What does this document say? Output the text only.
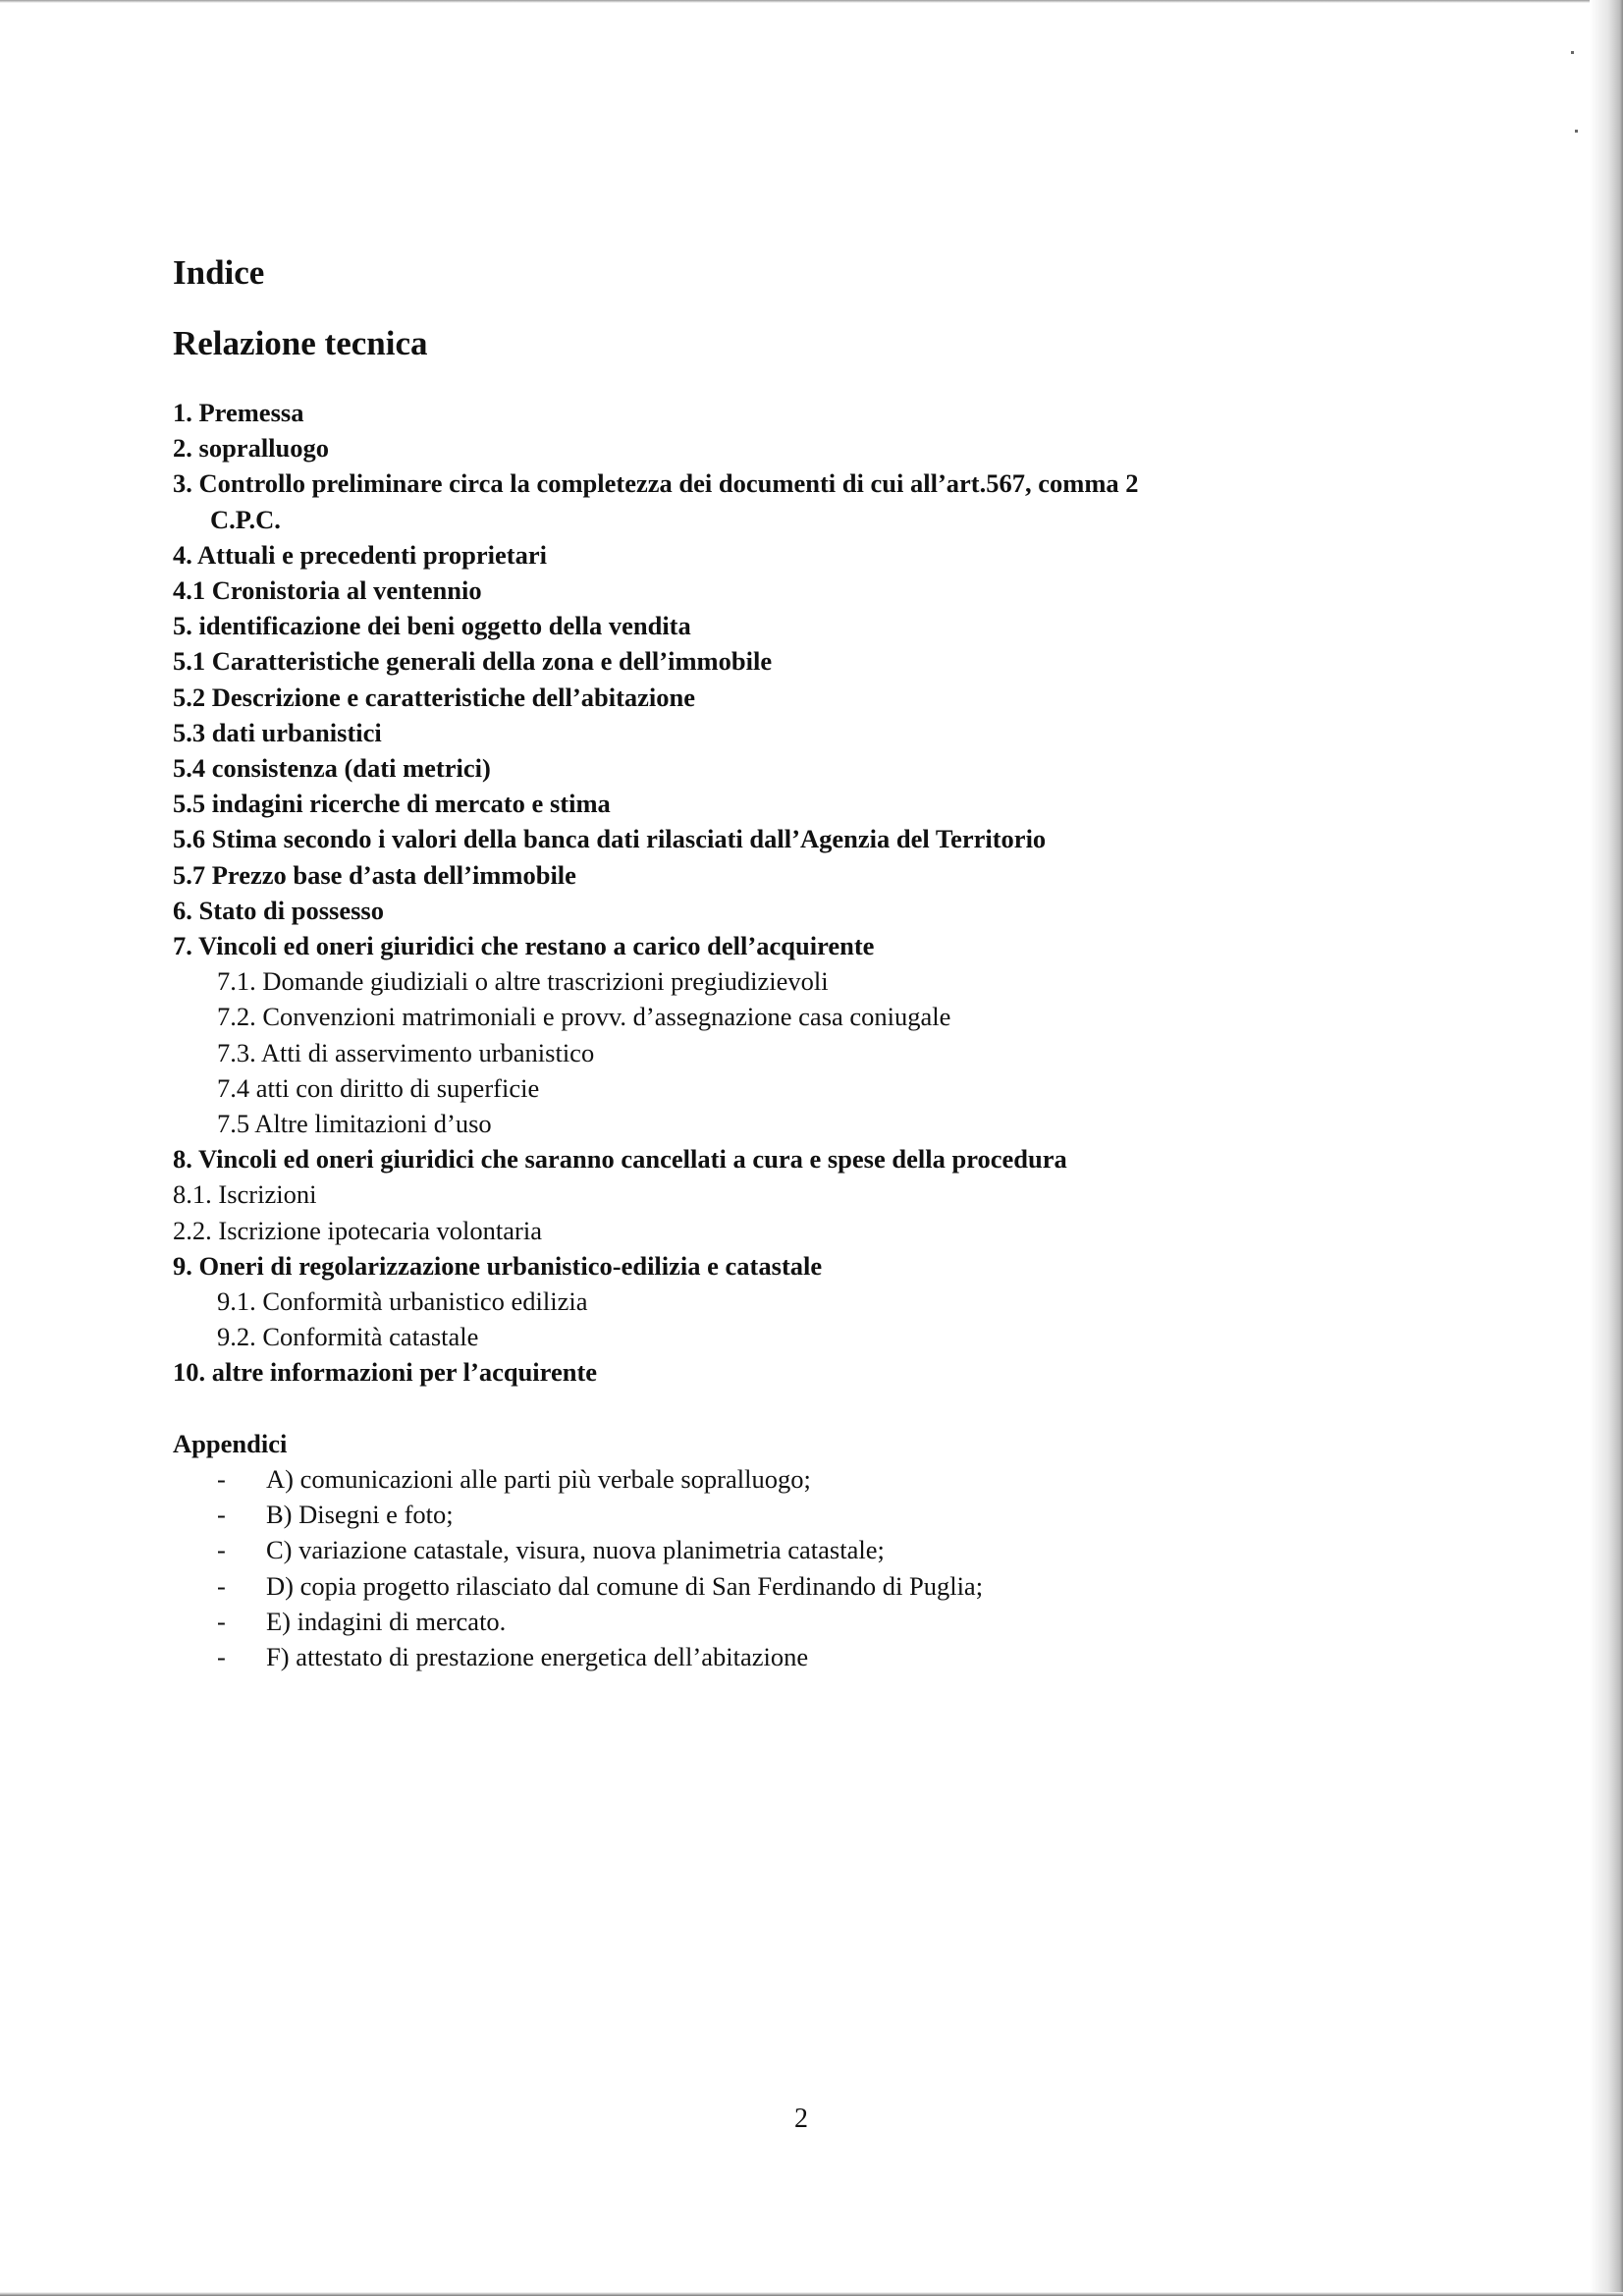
Indice
Relazione tecnica
1. Premessa
2. sopralluogo
3. Controllo preliminare circa la completezza dei documenti di cui all’art.567, comma 2
C.P.C.
4. Attuali e precedenti proprietari
4.1 Cronistoria al ventennio
5. identificazione dei beni oggetto della vendita
5.1 Caratteristiche generali della zona e dell’immobile
5.2 Descrizione e caratteristiche dell’abitazione
5.3 dati urbanistici
5.4 consistenza (dati metrici)
5.5 indagini ricerche di mercato e stima
5.6 Stima secondo i valori della banca dati rilasciati dall’Agenzia del Territorio
5.7 Prezzo base d’asta dell’immobile
6. Stato di possesso
7. Vincoli ed oneri giuridici che restano a carico dell’acquirente
7.1. Domande giudiziali o altre trascrizioni pregiudizievoli
7.2. Convenzioni matrimoniali e provv. d’assegnazione casa coniugale
7.3. Atti di asservimento urbanistico
7.4 atti con diritto di superficie
7.5 Altre limitazioni d’uso
8. Vincoli ed oneri giuridici che saranno cancellati a cura e spese della procedura
8.1. Iscrizioni
2.2. Iscrizione ipotecaria volontaria
9. Oneri di regolarizzazione urbanistico-edilizia e catastale
9.1. Conformità urbanistico edilizia
9.2. Conformità catastale
10. altre informazioni per l’acquirente
Appendici
- A) comunicazioni alle parti più verbale sopralluogo;
- B) Disegni e foto;
- C) variazione catastale, visura, nuova planimetria catastale;
- D) copia progetto rilasciato dal comune di San Ferdinando di Puglia;
- E) indagini di mercato.
- F) attestato di prestazione energetica dell’abitazione
2
